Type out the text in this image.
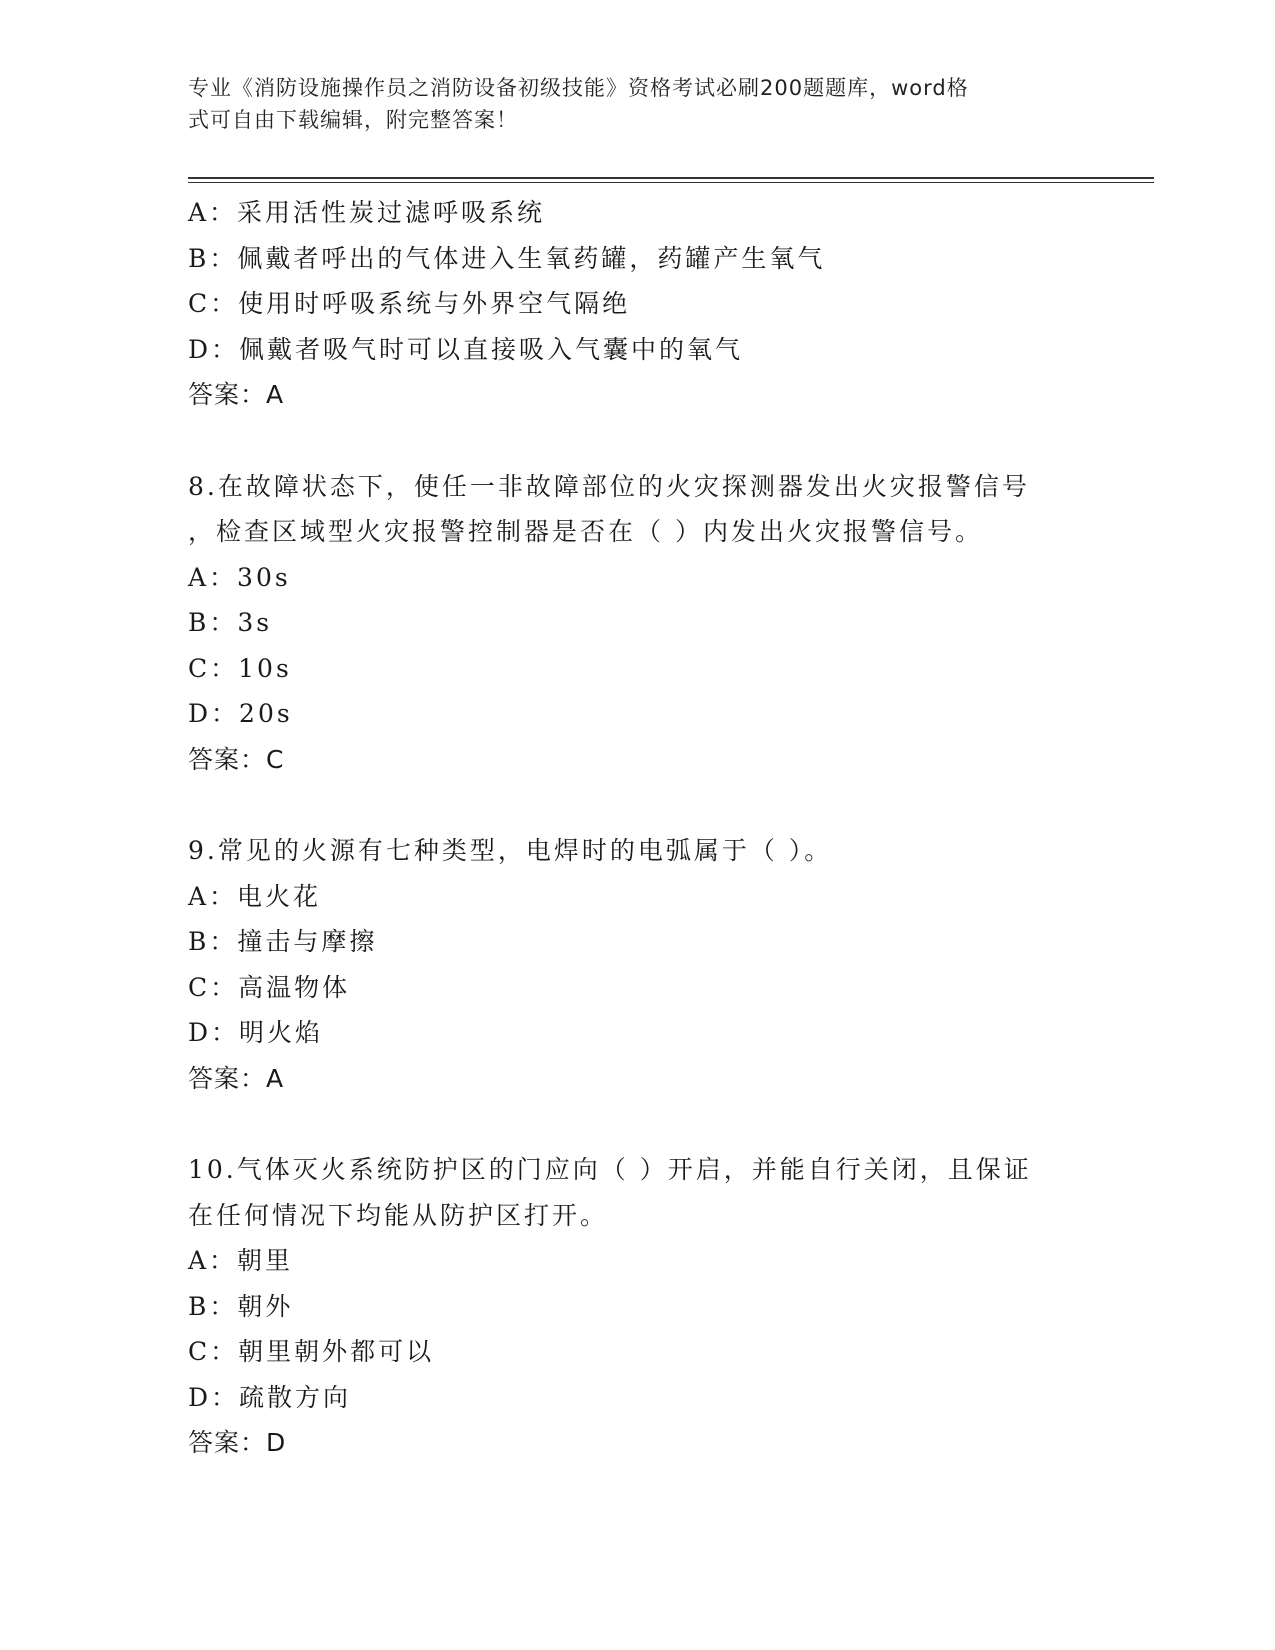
专业《消防设施操作员之消防设备初级技能》资格考试必刷200题题库，word格
式可自由下载编辑，附完整答案！
A：采用活性炭过滤呼吸系统
B：佩戴者呼出的气体进入生氧药罐，药罐产生氧气
C：使用时呼吸系统与外界空气隔绝
D：佩戴者吸气时可以直接吸入气囊中的氧气
答案：A
8.在故障状态下，使任一非故障部位的火灾探测器发出火灾报警信号
，检查区域型火灾报警控制器是否在（ ）内发出火灾报警信号。
A：30s
B：3s
C：10s
D：20s
答案：C
9.常见的火源有七种类型，电焊时的电弧属于（ ）。
A：电火花
B：撞击与摩擦
C：高温物体
D：明火焰
答案：A
10.气体灭火系统防护区的门应向（ ）开启，并能自行关闭，且保证
在任何情况下均能从防护区打开。
A：朝里
B：朝外
C：朝里朝外都可以
D：疏散方向
答案：D
